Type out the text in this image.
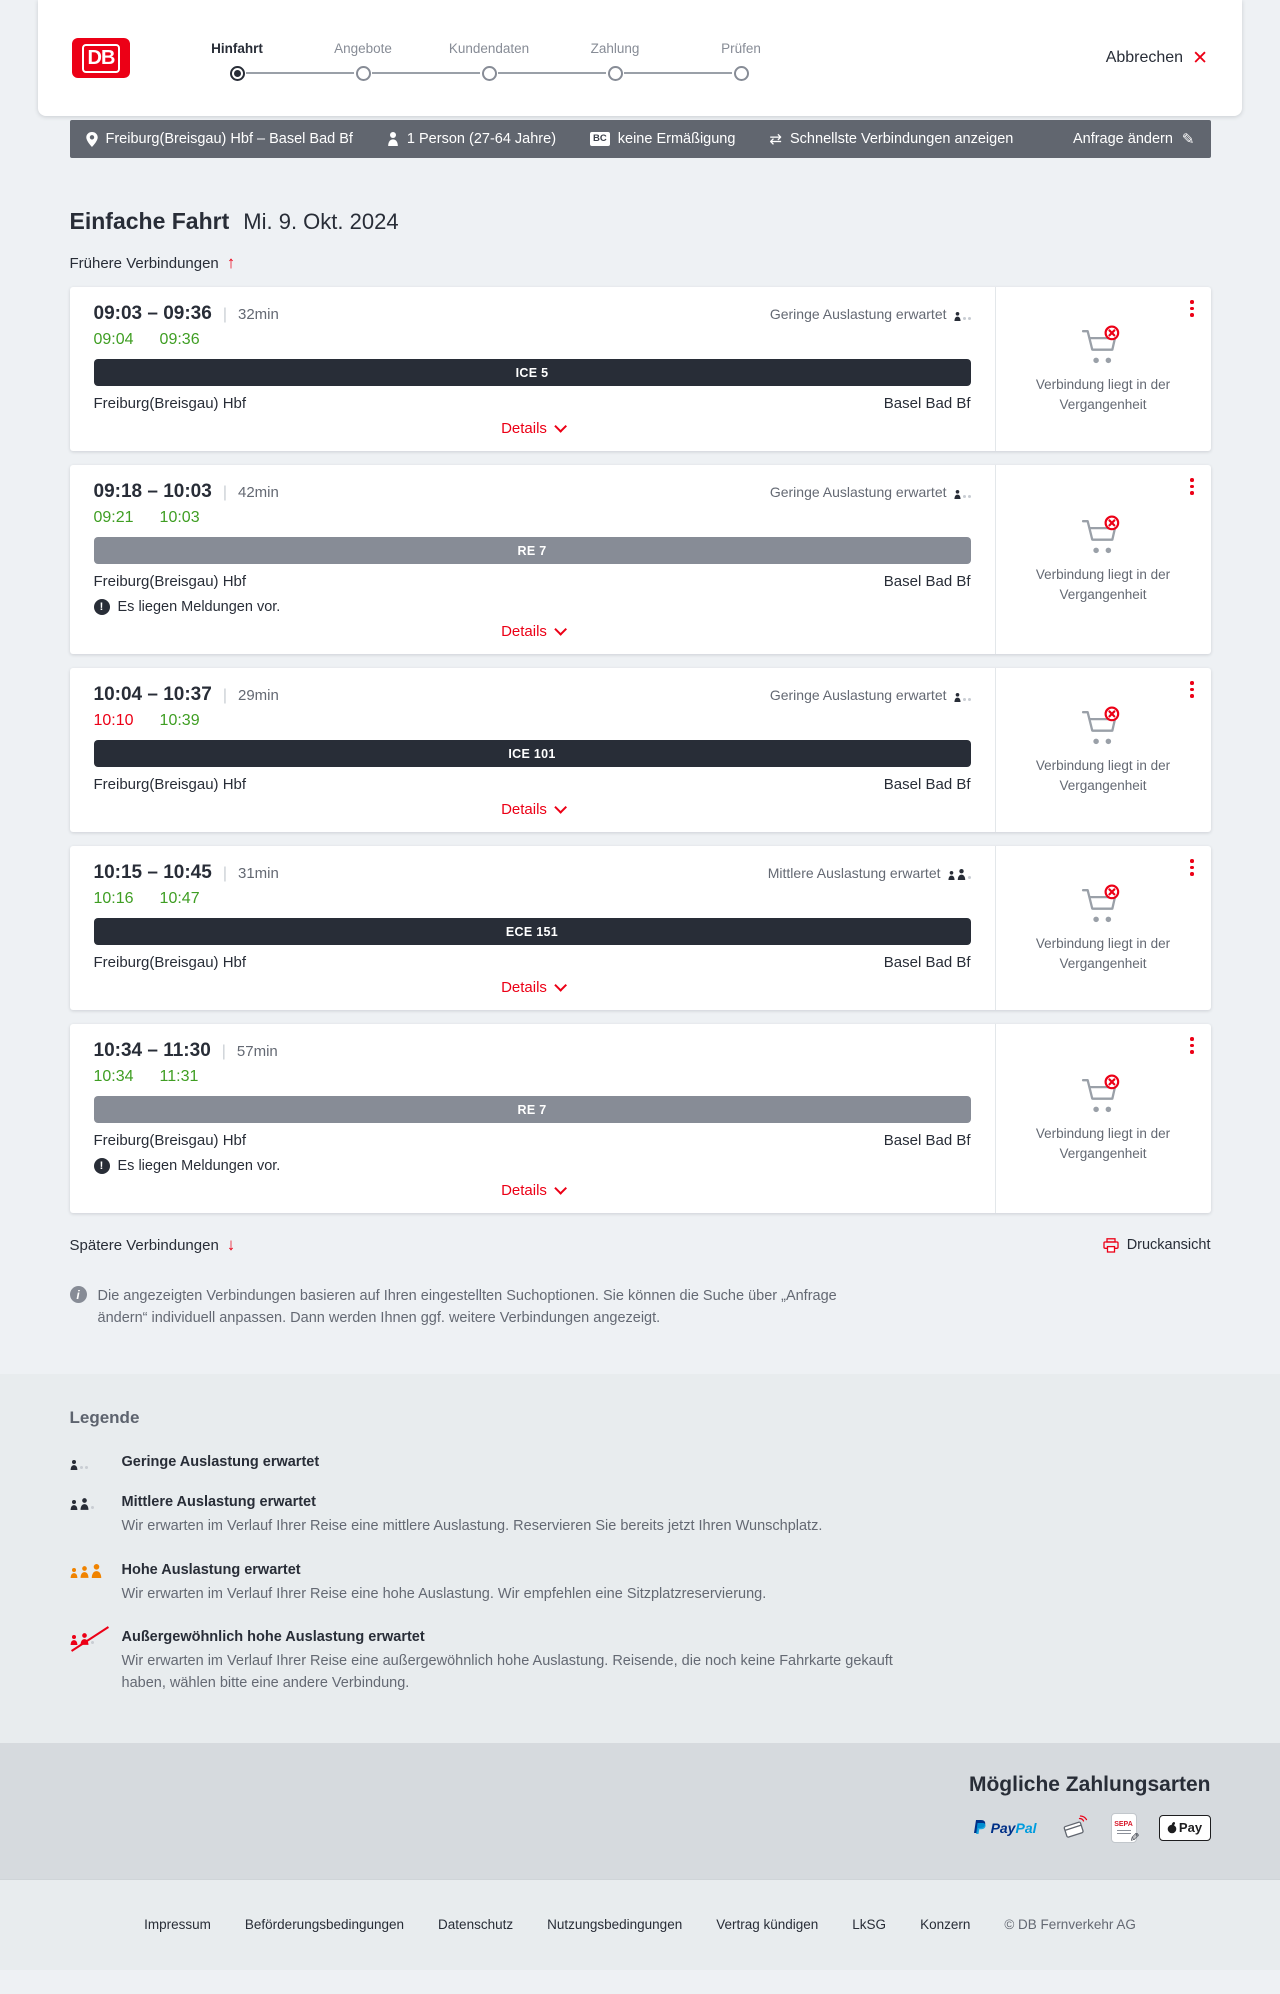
DB	Hinfahrt	Angebote	Kundendaten	Zahlung	Prüfen
Abbrechen ✕
Freiburg(Breisgau) Hbf – Basel Bad Bf	1 Person (27-64 Jahre)	BC keine Ermäßigung ⇄ Schnellste Verbindungen anzeigen	Anfrage ändern ✎
Einfache Fahrt Mi. 9. Okt. 2024
Frühere Verbindungen ↑
09:03 – 09:36 | 32min	Geringe Auslastung erwartet
09:04 09:36
ICE 5
Freiburg(Breisgau) Hbf	Basel Bad Bf
Details
Verbindung liegt in der Vergangenheit
09:18 – 10:03 | 42min	Geringe Auslastung erwartet
09:21 10:03
RE 7
Freiburg(Breisgau) Hbf	Basel Bad Bf
! Es liegen Meldungen vor.
Details
Verbindung liegt in der Vergangenheit
10:04 – 10:37 | 29min	Geringe Auslastung erwartet
10:10 10:39
ICE 101
Freiburg(Breisgau) Hbf	Basel Bad Bf
Details
Verbindung liegt in der Vergangenheit
10:15 – 10:45 | 31min	Mittlere Auslastung erwartet
10:16 10:47
ECE 151
Freiburg(Breisgau) Hbf	Basel Bad Bf
Details
Verbindung liegt in der Vergangenheit
10:34 – 11:30 | 57min
10:34 11:31
RE 7
Freiburg(Breisgau) Hbf	Basel Bad Bf
! Es liegen Meldungen vor.
Details
Verbindung liegt in der Vergangenheit
Spätere Verbindungen ↓	Druckansicht
i	Die angezeigten Verbindungen basieren auf Ihren eingestellten Suchoptionen. Sie können die Suche über „Anfrage ändern“ individuell anpassen. Dann werden Ihnen ggf. weitere Verbindungen angezeigt.

Legende
Geringe Auslastung erwartet
Mittlere Auslastung erwartet
Wir erwarten im Verlauf Ihrer Reise eine mittlere Auslastung. Reservieren Sie bereits jetzt Ihren Wunschplatz.
Hohe Auslastung erwartet
Wir erwarten im Verlauf Ihrer Reise eine hohe Auslastung. Wir empfehlen eine Sitzplatzreservierung.
Außergewöhnlich hohe Auslastung erwartet
Wir erwarten im Verlauf Ihrer Reise eine außergewöhnlich hohe Auslastung. Reisende, die noch keine Fahrkarte gekauft haben, wählen bitte eine andere Verbindung.
Mögliche Zahlungsarten
PayPal	SEPA
✎
Pay
Impressum	Beförderungsbedingungen	Datenschutz	Nutzungsbedingungen	Vertrag kündigen	LkSG	Konzern	© DB Fernverkehr AG
